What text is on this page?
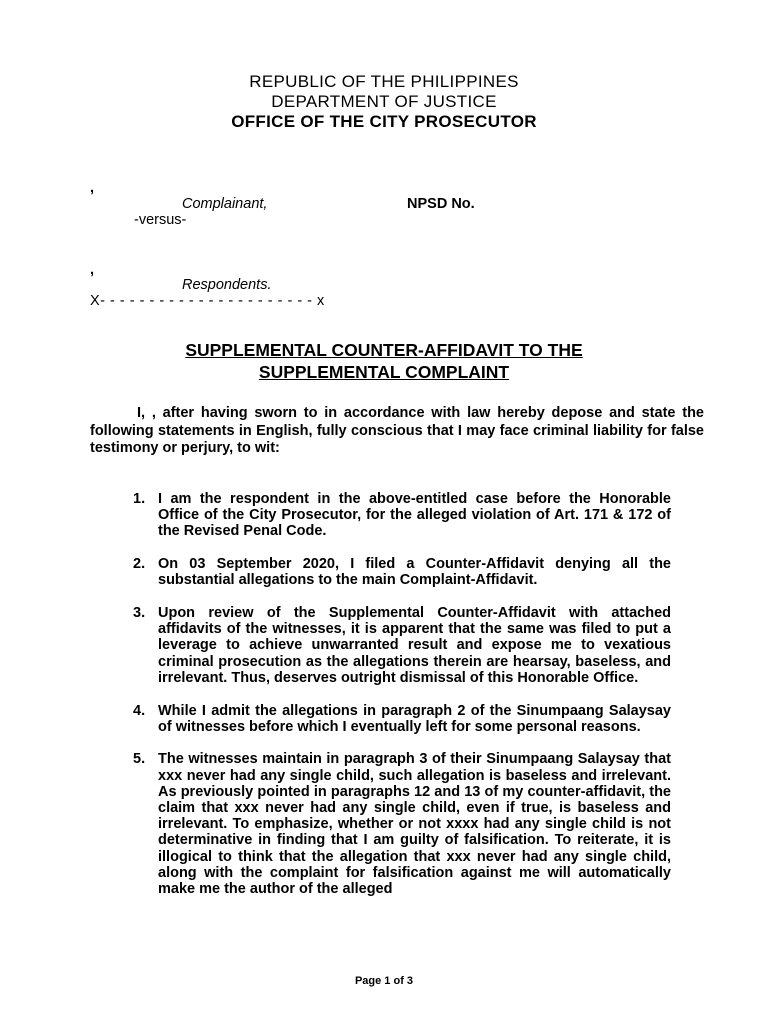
REPUBLIC OF THE PHILIPPINES
DEPARTMENT OF JUSTICE
OFFICE OF THE CITY PROSECUTOR
,
Complainant,	NPSD No.
-versus-
,
Respondents.
X- - - - - - - - - - - - - - - - - - - - - - x
SUPPLEMENTAL COUNTER-AFFIDAVIT TO THE
SUPPLEMENTAL COMPLAINT

I, , after having sworn to in accordance with law hereby depose and state the following statements in English, fully conscious that I may face criminal liability for false testimony or perjury, to wit:

1. I am the respondent in the above-entitled case before the Honorable Office of the City Prosecutor, for the alleged violation of Art. 171 & 172 of the Revised Penal Code.
2. On 03 September 2020, I filed a Counter-Affidavit denying all the substantial allegations to the main Complaint-Affidavit.
3. Upon review of the Supplemental Counter-Affidavit with attached affidavits of the witnesses, it is apparent that the same was filed to put a leverage to achieve unwarranted result and expose me to vexatious criminal prosecution as the allegations therein are hearsay, baseless, and irrelevant. Thus, deserves outright dismissal of this Honorable Office.
4. While I admit the allegations in paragraph 2 of the Sinumpaang Salaysay of witnesses before which I eventually left for some personal reasons.
5. The witnesses maintain in paragraph 3 of their Sinumpaang Salaysay that xxx never had any single child, such allegation is baseless and irrelevant. As previously pointed in paragraphs 12 and 13 of my counter-affidavit, the claim that xxx never had any single child, even if true, is baseless and irrelevant. To emphasize, whether or not xxxx had any single child is not determinative in finding that I am guilty of falsification. To reiterate, it is illogical to think that the allegation that xxx never had any single child, along with the complaint for falsification against me will automatically make me the author of the alleged
Page 1 of 3
